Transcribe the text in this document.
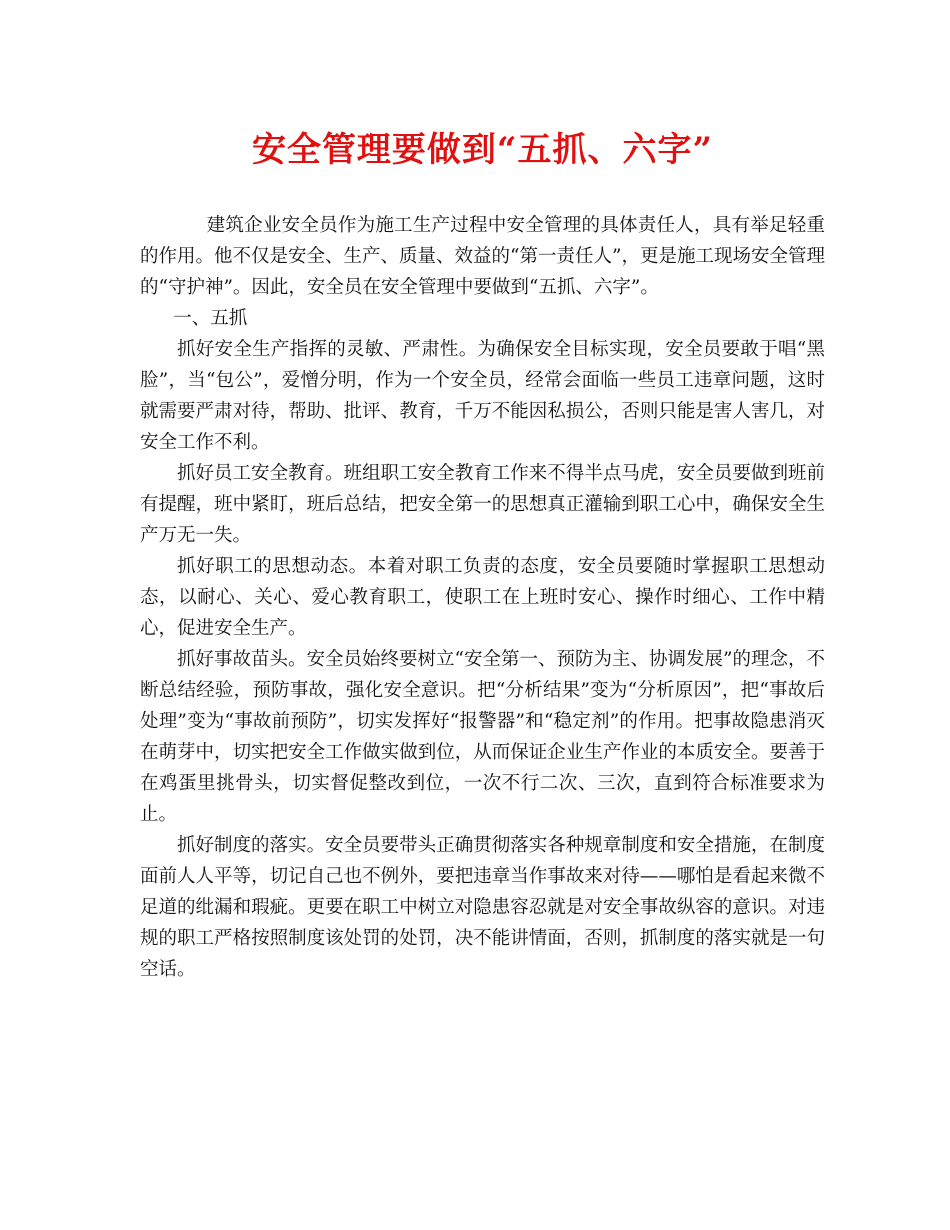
安全管理要做到“五抓、六字”

建筑企业安全员作为施工生产过程中安全管理的具体责任人，具有举足轻重的作用。他不仅是安全、生产、质量、效益的“第一责任人”，更是施工现场安全管理的“守护神”。因此，安全员在安全管理中要做到“五抓、六字”。

一、五抓

抓好安全生产指挥的灵敏、严肃性。为确保安全目标实现，安全员要敢于唱“黑脸”，当“包公”，爱憎分明，作为一个安全员，经常会面临一些员工违章问题，这时就需要严肃对待，帮助、批评、教育，千万不能因私损公，否则只能是害人害几，对安全工作不利。

抓好员工安全教育。班组职工安全教育工作来不得半点马虎，安全员要做到班前有提醒，班中紧盯，班后总结，把安全第一的思想真正灌输到职工心中，确保安全生产万无一失。

抓好职工的思想动态。本着对职工负责的态度，安全员要随时掌握职工思想动态，以耐心、关心、爱心教育职工，使职工在上班时安心、操作时细心、工作中精心，促进安全生产。

抓好事故苗头。安全员始终要树立“安全第一、预防为主、协调发展”的理念，不断总结经验，预防事故，强化安全意识。把“分析结果”变为“分析原因”，把“事故后处理”变为“事故前预防”，切实发挥好“报警器”和“稳定剂”的作用。把事故隐患消灭在萌芽中，切实把安全工作做实做到位，从而保证企业生产作业的本质安全。要善于在鸡蛋里挑骨头，切实督促整改到位，一次不行二次、三次，直到符合标准要求为止。

抓好制度的落实。安全员要带头正确贯彻落实各种规章制度和安全措施，在制度面前人人平等，切记自己也不例外，要把违章当作事故来对待——哪怕是看起来微不足道的纰漏和瑕疵。更要在职工中树立对隐患容忍就是对安全事故纵容的意识。对违规的职工严格按照制度该处罚的处罚，决不能讲情面，否则，抓制度的落实就是一句空话。
